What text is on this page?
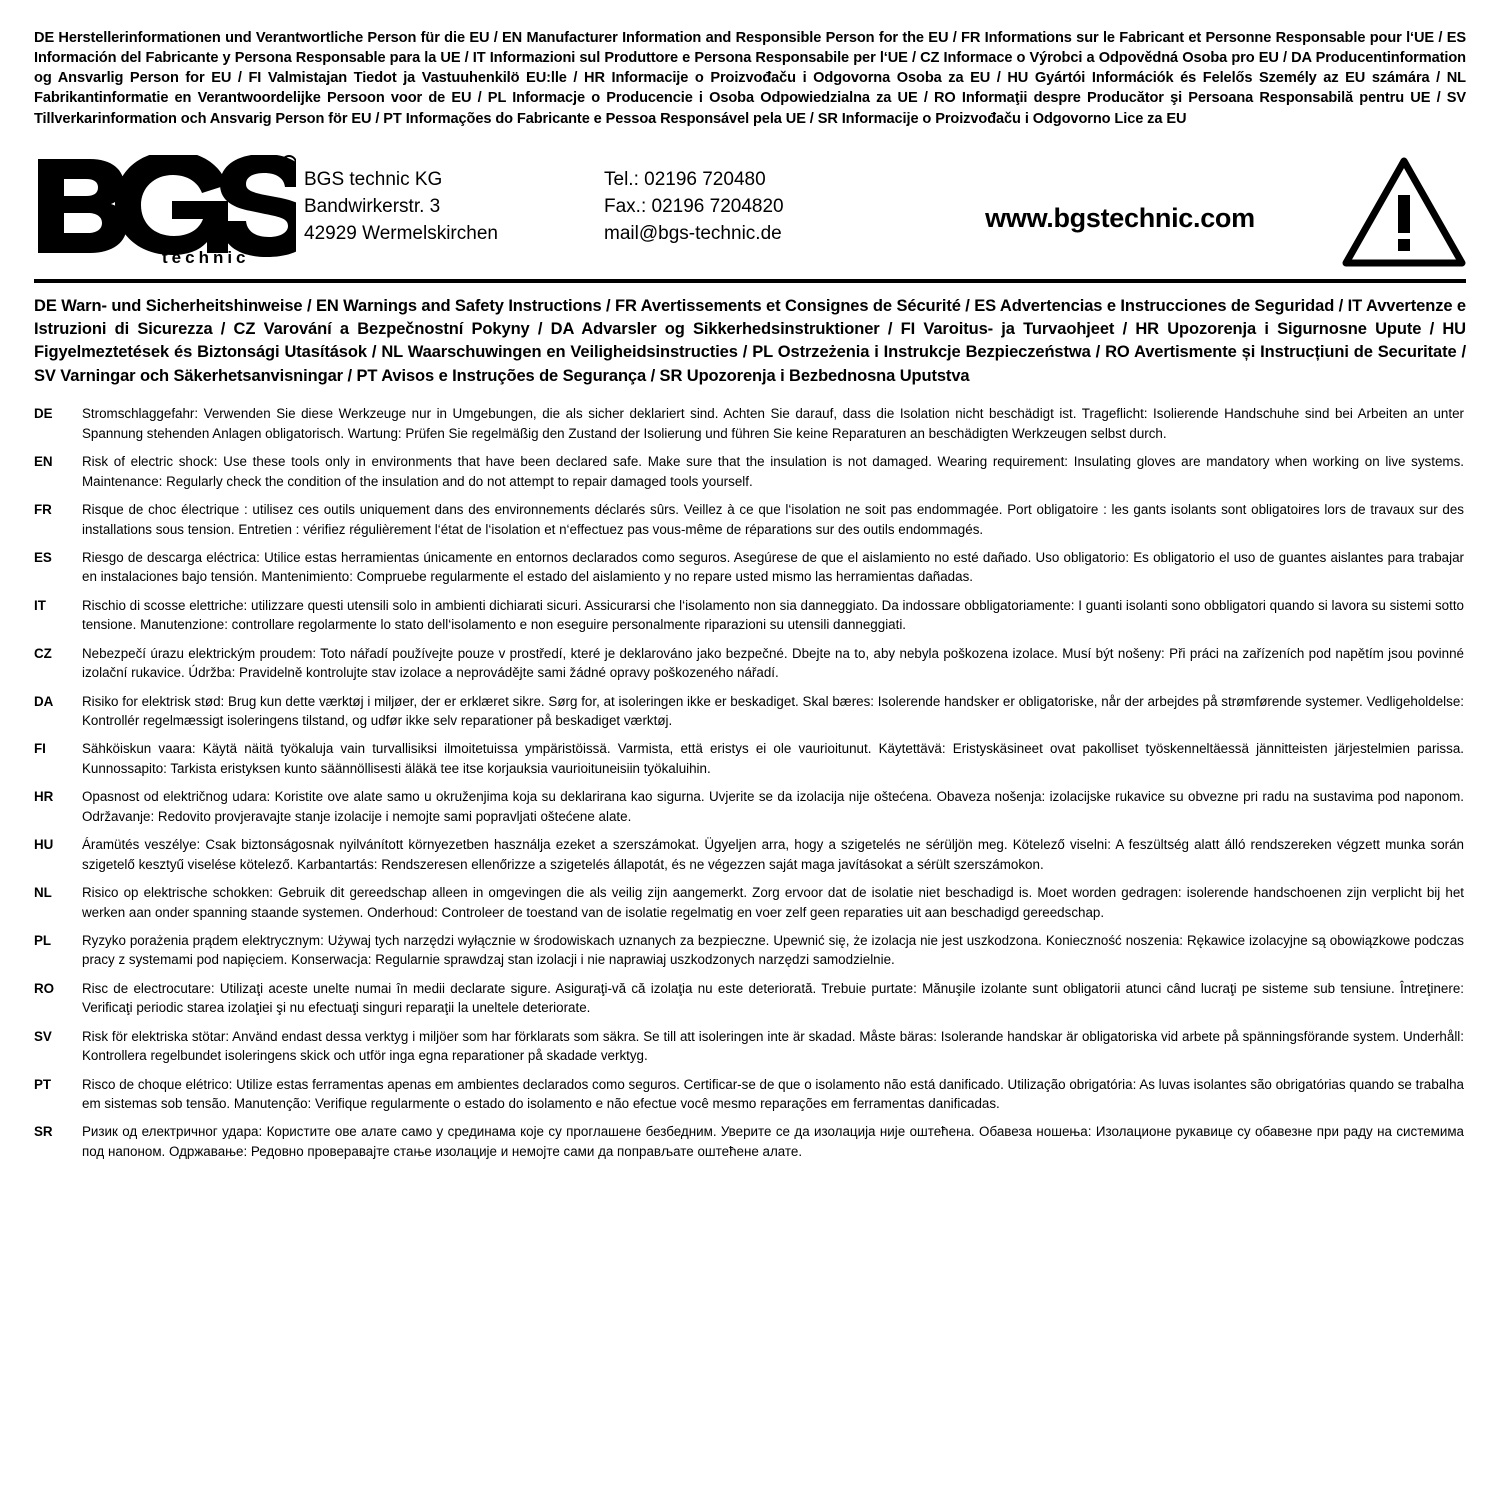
DE Herstellerinformationen und Verantwortliche Person für die EU / EN Manufacturer Information and Responsible Person for the EU / FR Informations sur le Fabricant et Personne Responsable pour l‘UE / ES Información del Fabricante y Persona Responsable para la UE / IT Informazioni sul Produttore e Persona Responsabile per l‘UE / CZ Informace o Výrobci a Odpovědná Osoba pro EU / DA Producentinformation og Ansvarlig Person for EU / FI Valmistajan Tiedot ja Vastuuhenkilö EU:lle / HR Informacije o Proizvođaču i Odgovorna Osoba za EU / HU Gyártói Információk és Felelős Személy az EU számára / NL Fabrikantinformatie en Verantwoordelijke Persoon voor de EU / PL Informacje o Producencie i Osoba Odpowiedzialna za UE / RO Informaţii despre Producător şi Persoana Responsabilă pentru UE / SV Tillverkarinformation och Ansvarig Person för EU / PT Informações do Fabricante e Pessoa Responsável pela UE / SR Informacije o Proizvođaču i Odgovorno Lice za EU
technic
R
BGS technic KG
Bandwirkerstr. 3
42929 Wermelskirchen
Tel.: 02196 720480
Fax.: 02196 7204820
mail@bgs-technic.de
www.bgstechnic.com
DE Warn- und Sicherheitshinweise / EN Warnings and Safety Instructions / FR Avertissements et Consignes de Sécurité / ES Advertencias e Instrucciones de Seguridad / IT Avvertenze e Istruzioni di Sicurezza / CZ Varování a Bezpečnostní Pokyny / DA Advarsler og Sikkerhedsinstruktioner / FI Varoitus- ja Turvaohjeet / HR Upozorenja i Sigurnosne Upute / HU Figyelmeztetések és Biztonsági Utasítások / NL Waarschuwingen en Veiligheidsinstructies / PL Ostrzeżenia i Instrukcje Bezpieczeństwa / RO Avertismente și Instrucțiuni de Securitate / SV Varningar och Säkerhetsanvisningar / PT Avisos e Instruções de Segurança / SR Upozorenja i Bezbednosna Uputstva
DE	Stromschlaggefahr: Verwenden Sie diese Werkzeuge nur in Umgebungen, die als sicher deklariert sind. Achten Sie darauf, dass die Isolation nicht beschädigt ist. Trageflicht: Isolierende Handschuhe sind bei Arbeiten an unter Spannung stehenden Anlagen obligatorisch. Wartung: Prüfen Sie regelmäßig den Zustand der Isolierung und führen Sie keine Reparaturen an beschädigten Werkzeugen selbst durch.
EN	Risk of electric shock: Use these tools only in environments that have been declared safe. Make sure that the insulation is not damaged. Wearing requirement: Insulating gloves are mandatory when working on live systems. Maintenance: Regularly check the condition of the insulation and do not attempt to repair damaged tools yourself.
FR	Risque de choc électrique : utilisez ces outils uniquement dans des environnements déclarés sûrs. Veillez à ce que l‘isolation ne soit pas endommagée. Port obligatoire : les gants isolants sont obligatoires lors de travaux sur des installations sous tension. Entretien : vérifiez régulièrement l‘état de l‘isolation et n‘effectuez pas vous-même de réparations sur des outils endommagés.
ES	Riesgo de descarga eléctrica: Utilice estas herramientas únicamente en entornos declarados como seguros. Asegúrese de que el aislamiento no esté dañado. Uso obligatorio: Es obligatorio el uso de guantes aislantes para trabajar en instalaciones bajo tensión. Mantenimiento: Compruebe regularmente el estado del aislamiento y no repare usted mismo las herramientas dañadas.
IT	Rischio di scosse elettriche: utilizzare questi utensili solo in ambienti dichiarati sicuri. Assicurarsi che l‘isolamento non sia danneggiato. Da indossare obbligatoriamente: I guanti isolanti sono obbligatori quando si lavora su sistemi sotto tensione. Manutenzione: controllare regolarmente lo stato dell‘isolamento e non eseguire personalmente riparazioni su utensili danneggiati.
CZ	Nebezpečí úrazu elektrickým proudem: Toto nářadí používejte pouze v prostředí, které je deklarováno jako bezpečné. Dbejte na to, aby nebyla poškozena izolace. Musí být nošeny: Při práci na zařízeních pod napětím jsou povinné izolační rukavice. Údržba: Pravidelně kontrolujte stav izolace a neprovádějte sami žádné opravy poškozeného nářadí.
DA	Risiko for elektrisk stød: Brug kun dette værktøj i miljøer, der er erklæret sikre. Sørg for, at isoleringen ikke er beskadiget. Skal bæres: Isolerende handsker er obligatoriske, når der arbejdes på strømførende systemer. Vedligeholdelse: Kontrollér regelmæssigt isoleringens tilstand, og udfør ikke selv reparationer på beskadiget værktøj.
FI	Sähköiskun vaara: Käytä näitä työkaluja vain turvallisiksi ilmoitetuissa ympäristöissä. Varmista, että eristys ei ole vaurioitunut. Käytettävä: Eristyskäsineet ovat pakolliset työskenneltäessä jännitteisten järjestelmien parissa. Kunnossapito: Tarkista eristyksen kunto säännöllisesti äläkä tee itse korjauksia vaurioituneisiin työkaluihin.
HR	Opasnost od električnog udara: Koristite ove alate samo u okruženjima koja su deklarirana kao sigurna. Uvjerite se da izolacija nije oštećena. Obaveza nošenja: izolacijske rukavice su obvezne pri radu na sustavima pod naponom. Održavanje: Redovito provjeravajte stanje izolacije i nemojte sami popravljati oštećene alate.
HU	Áramütés veszélye: Csak biztonságosnak nyilvánított környezetben használja ezeket a szerszámokat. Ügyeljen arra, hogy a szigetelés ne sérüljön meg. Kötelező viselni: A feszültség alatt álló rendszereken végzett munka során szigetelő kesztyű viselése kötelező. Karbantartás: Rendszeresen ellenőrizze a szigetelés állapotát, és ne végezzen saját maga javításokat a sérült szerszámokon.
NL	Risico op elektrische schokken: Gebruik dit gereedschap alleen in omgevingen die als veilig zijn aangemerkt. Zorg ervoor dat de isolatie niet beschadigd is. Moet worden gedragen: isolerende handschoenen zijn verplicht bij het werken aan onder spanning staande systemen. Onderhoud: Controleer de toestand van de isolatie regelmatig en voer zelf geen reparaties uit aan beschadigd gereedschap.
PL	Ryzyko porażenia prądem elektrycznym: Używaj tych narzędzi wyłącznie w środowiskach uznanych za bezpieczne. Upewnić się, że izolacja nie jest uszkodzona. Konieczność noszenia: Rękawice izolacyjne są obowiązkowe podczas pracy z systemami pod napięciem. Konserwacja: Regularnie sprawdzaj stan izolacji i nie naprawiaj uszkodzonych narzędzi samodzielnie.
RO	Risc de electrocutare: Utilizaţi aceste unelte numai în medii declarate sigure. Asiguraţi-vă că izolaţia nu este deteriorată. Trebuie purtate: Mănuşile izolante sunt obligatorii atunci când lucraţi pe sisteme sub tensiune. Întreţinere: Verificaţi periodic starea izolaţiei şi nu efectuaţi singuri reparaţii la uneltele deteriorate.
SV	Risk för elektriska stötar: Använd endast dessa verktyg i miljöer som har förklarats som säkra. Se till att isoleringen inte är skadad. Måste bäras: Isolerande handskar är obligatoriska vid arbete på spänningsförande system. Underhåll: Kontrollera regelbundet isoleringens skick och utför inga egna reparationer på skadade verktyg.
PT	Risco de choque elétrico: Utilize estas ferramentas apenas em ambientes declarados como seguros. Certificar-se de que o isolamento não está danificado. Utilização obrigatória: As luvas isolantes são obrigatórias quando se trabalha em sistemas sob tensão. Manutenção: Verifique regularmente o estado do isolamento e não efectue você mesmo reparações em ferramentas danificadas.
SR	Ризик од електричног удара: Користите ове алате само у срединама које су проглашене безбедним. Уверите се да изолација није оштећена. Обавеза ношења: Изолационе рукавице су обавезне при раду на системима под напоном. Одржавање: Редовно проверавајте стање изолације и немојте сами да поправљате оштећене алате.
